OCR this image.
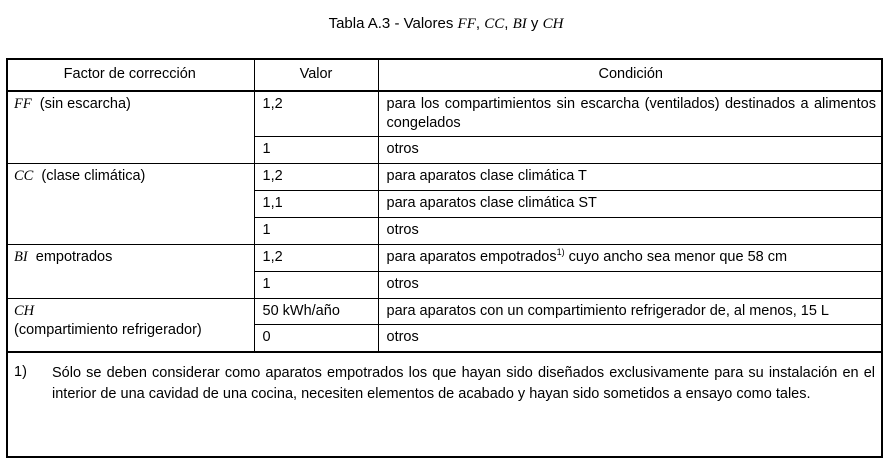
Tabla A.3 - Valores FF, CC, BI y CH
Factor de corrección	Valor	Condición
FF (sin escarcha)	1,2	para los compartimientos sin escarcha (ventilados) destinados a alimentos congelados
	1	otros
CC (clase climática)	1,2	para aparatos clase climática T
	1,1	para aparatos clase climática ST
	1	otros
BI empotrados	1,2	para aparatos empotrados$^{1)}$ cuyo ancho sea menor que 58 cm
	1	otros

CH
(compartimiento refrigerador)	50 kWh/año	para aparatos con un compartimiento refrigerador de, al menos, 15 L
	0	otros

1) Sólo se deben considerar como aparatos empotrados los que hayan sido diseñados exclusivamente para su instalación en el interior de una cavidad de una cocina, necesiten elementos de acabado y hayan sido sometidos a ensayo como tales.		
